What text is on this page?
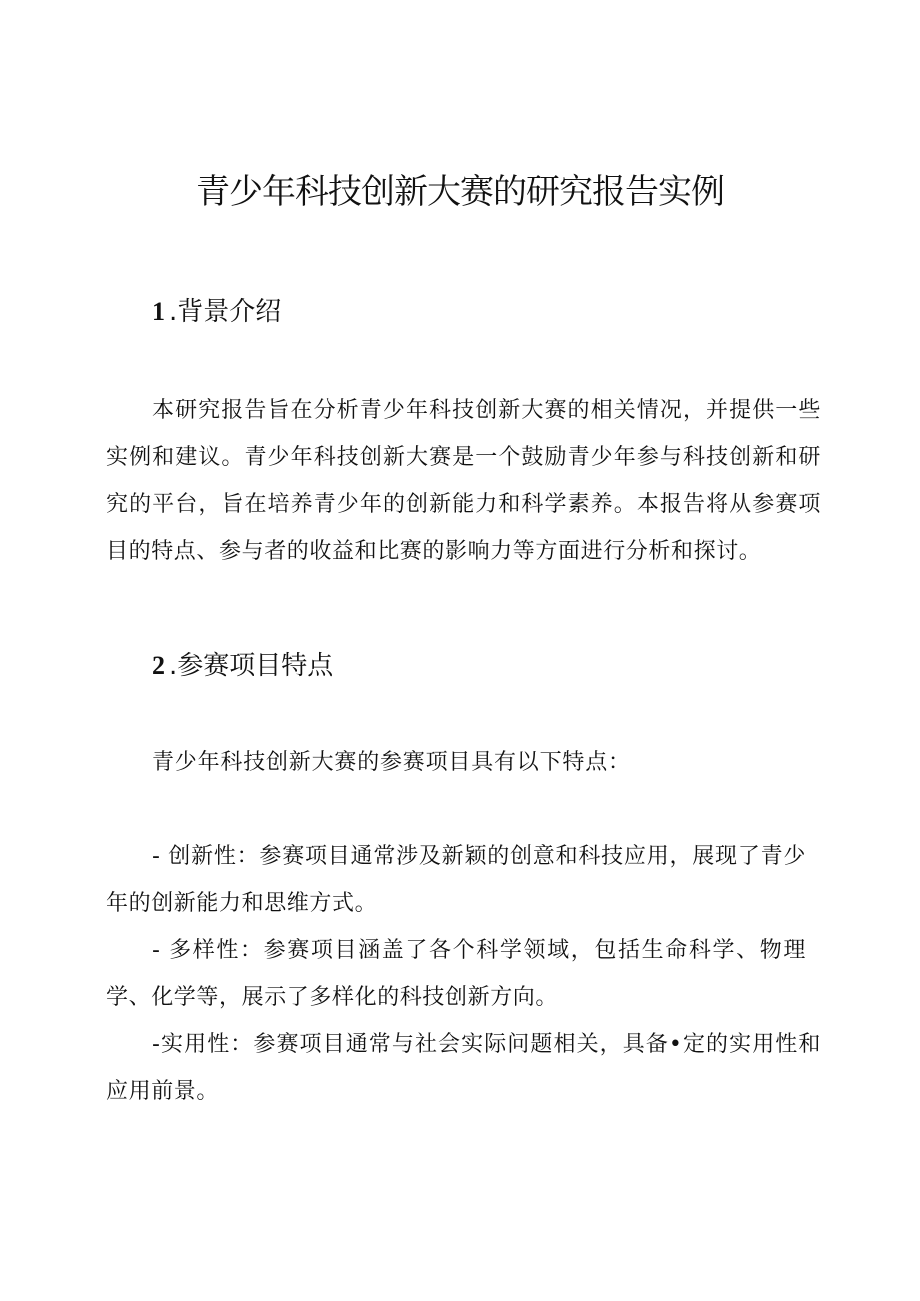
青少年科技创新大赛的研究报告实例
1 .背景介绍

本研究报告旨在分析青少年科技创新大赛的相关情况，并提供一些实例和建议。青少年科技创新大赛是一个鼓励青少年参与科技创新和研究的平台，旨在培养青少年的创新能力和科学素养。本报告将从参赛项目的特点、参与者的收益和比赛的影响力等方面进行分析和探讨。

2 .参赛项目特点

青少年科技创新大赛的参赛项目具有以下特点：

- 创新性：参赛项目通常涉及新颖的创意和科技应用，展现了青少年的创新能力和思维方式。

- 多样性：参赛项目涵盖了各个科学领域，包括生命科学、物理学、化学等，展示了多样化的科技创新方向。

-实用性：参赛项目通常与社会实际问题相关，具备•定的实用性和应用前景。
